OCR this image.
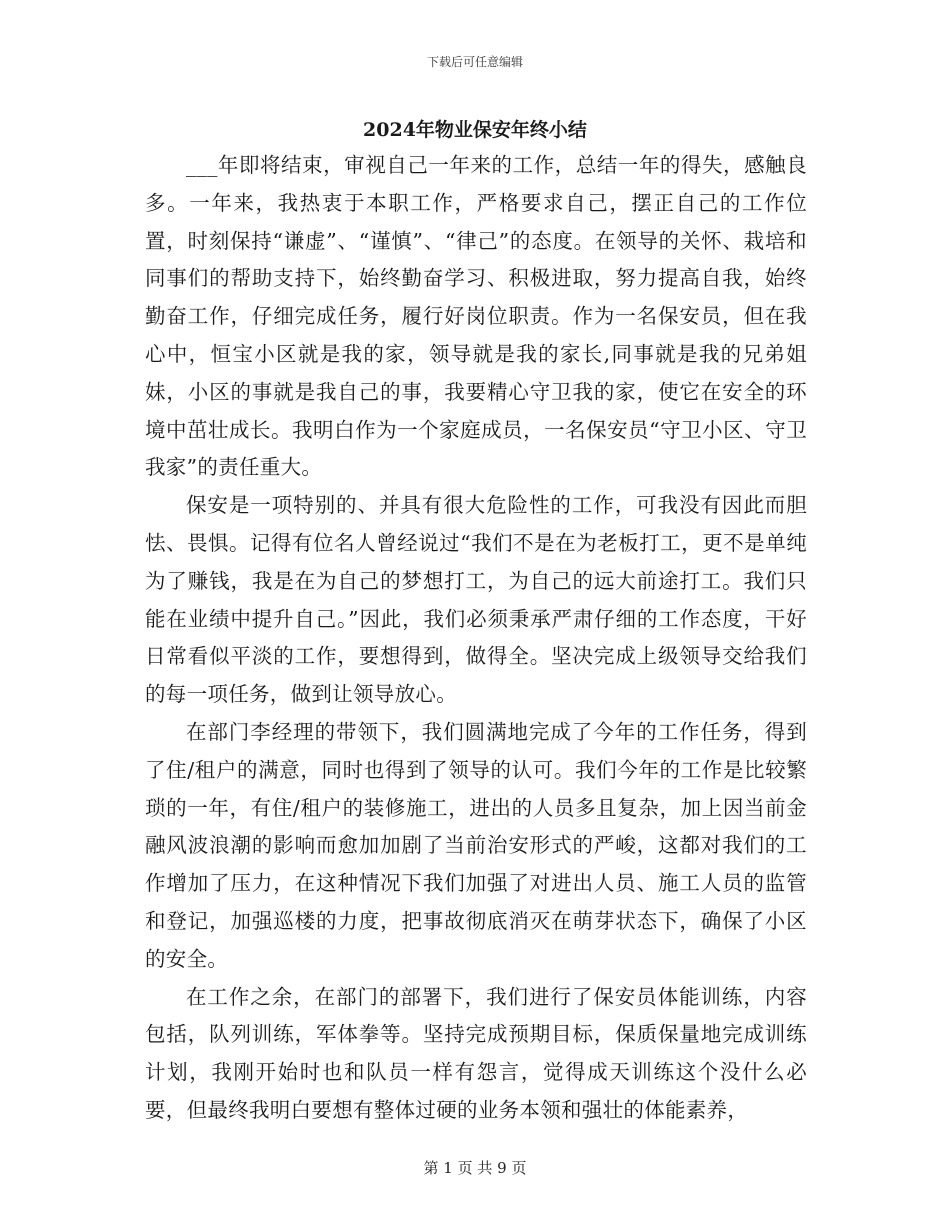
下载后可任意编辑
2024年物业保安年终小结

___年即将结束，审视自己一年来的工作，总结一年的得失，感触良多。一年来，我热衷于本职工作，严格要求自己，摆正自己的工作位置，时刻保持“谦虚”、“谨慎”、“律己”的态度。在领导的关怀、栽培和同事们的帮助支持下，始终勤奋学习、积极进取，努力提高自我，始终勤奋工作，仔细完成任务，履行好岗位职责。作为一名保安员，但在我心中，恒宝小区就是我的家，领导就是我的家长,同事就是我的兄弟姐妹，小区的事就是我自己的事，我要精心守卫我的家，使它在安全的环境中茁壮成长。我明白作为一个家庭成员，一名保安员“守卫小区、守卫我家”的责任重大。

保安是一项特别的、并具有很大危险性的工作，可我没有因此而胆怯、畏惧。记得有位名人曾经说过“我们不是在为老板打工，更不是单纯为了赚钱，我是在为自己的梦想打工，为自己的远大前途打工。我们只能在业绩中提升自己。”因此，我们必须秉承严肃仔细的工作态度，干好日常看似平淡的工作，要想得到，做得全。坚决完成上级领导交给我们的每一项任务，做到让领导放心。

在部门李经理的带领下，我们圆满地完成了今年的工作任务，得到了住/租户的满意，同时也得到了领导的认可。我们今年的工作是比较繁琐的一年，有住/租户的装修施工，进出的人员多且复杂，加上因当前金融风波浪潮的影响而愈加加剧了当前治安形式的严峻，这都对我们的工作增加了压力，在这种情况下我们加强了对进出人员、施工人员的监管和登记，加强巡楼的力度，把事故彻底消灭在萌芽状态下，确保了小区的安全。

在工作之余，在部门的部署下，我们进行了保安员体能训练，内容包括，队列训练，军体拳等。坚持完成预期目标，保质保量地完成训练计划，我刚开始时也和队员一样有怨言，觉得成天训练这个没什么必要，但最终我明白要想有整体过硬的业务本领和强壮的体能素养，

第 1 页 共 9 页
